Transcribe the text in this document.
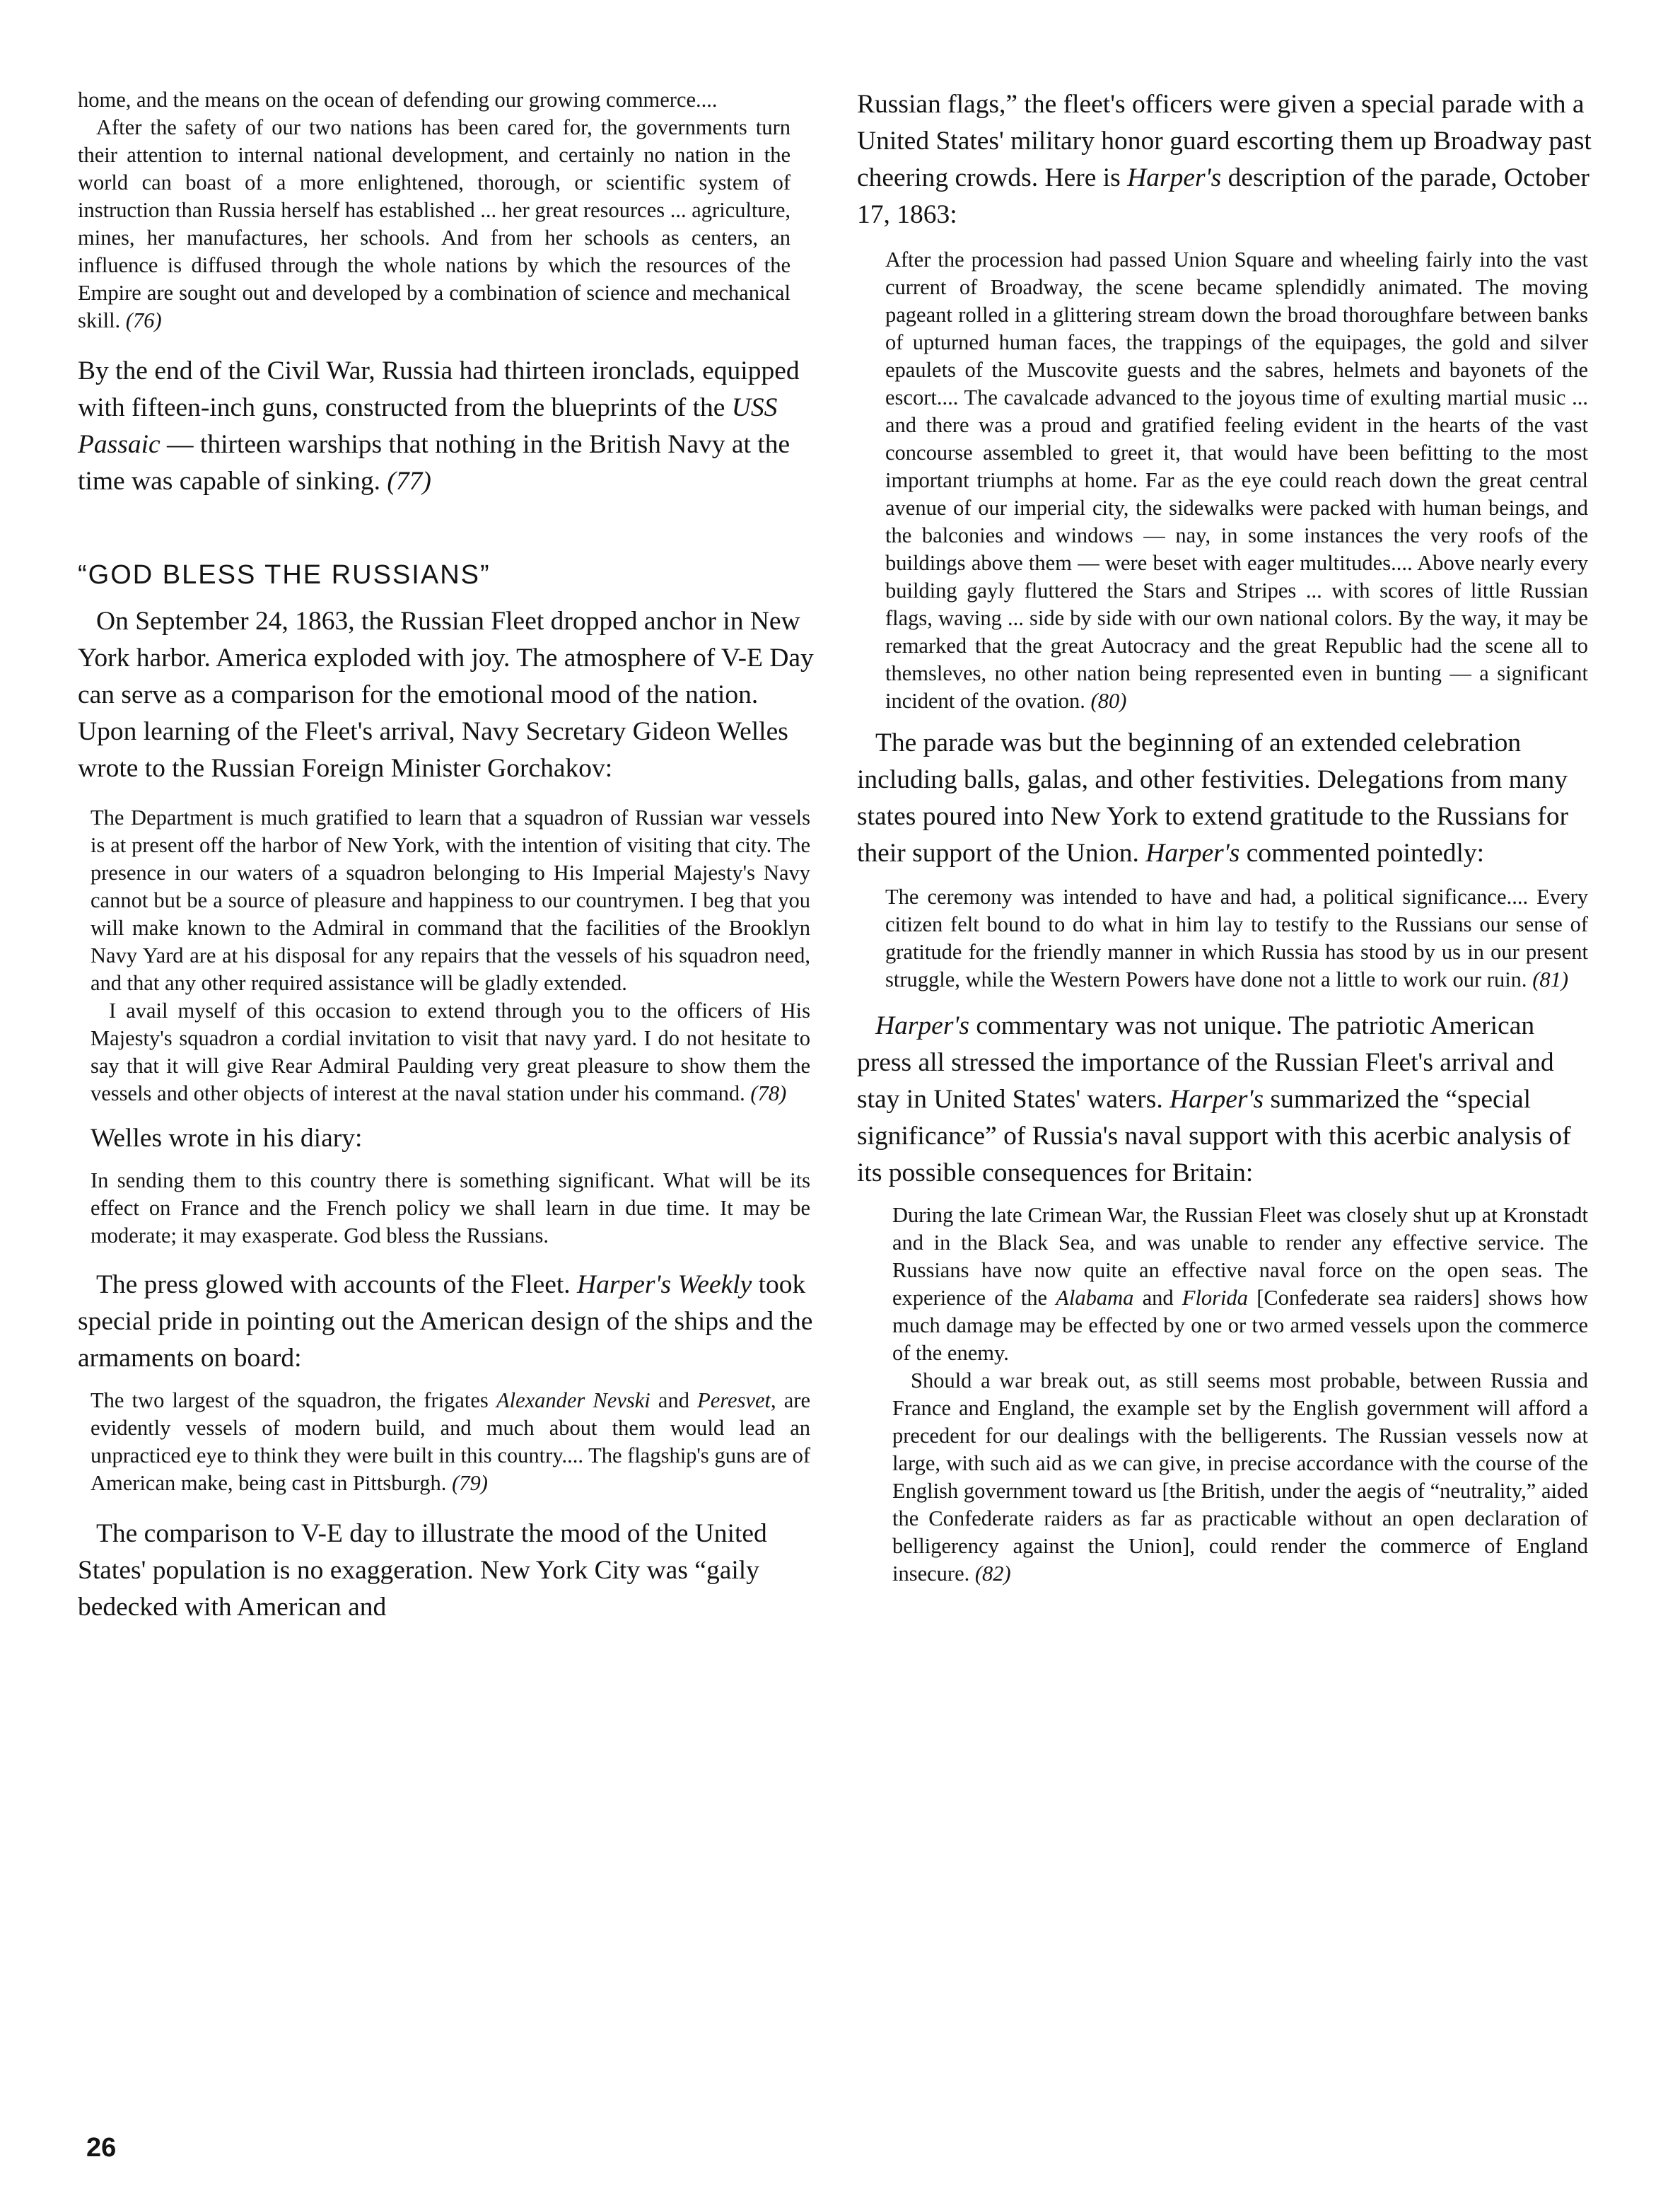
home, and the means on the ocean of defending our growing commerce....

After the safety of our two nations has been cared for, the governments turn their attention to internal national development, and certainly no nation in the world can boast of a more enlightened, thorough, or scientific system of instruction than Russia herself has established ... her great resources ... agriculture, mines, her manufactures, her schools. And from her schools as centers, an influence is diffused through the whole nations by which the resources of the Empire are sought out and developed by a combination of science and mechanical skill. (76)

By the end of the Civil War, Russia had thirteen ironclads, equipped with fifteen-inch guns, constructed from the blueprints of the USS Passaic — thirteen warships that nothing in the British Navy at the time was capable of sinking. (77)

“GOD BLESS THE RUSSIANS”

On September 24, 1863, the Russian Fleet dropped anchor in New York harbor. America exploded with joy. The atmosphere of V-E Day can serve as a comparison for the emotional mood of the nation. Upon learning of the Fleet's arrival, Navy Secretary Gideon Welles wrote to the Russian Foreign Minister Gorchakov:

The Department is much gratified to learn that a squadron of Russian war vessels is at present off the harbor of New York, with the intention of visiting that city. The presence in our waters of a squadron belonging to His Imperial Majesty's Navy cannot but be a source of pleasure and happiness to our countrymen. I beg that you will make known to the Admiral in command that the facilities of the Brooklyn Navy Yard are at his disposal for any repairs that the vessels of his squadron need, and that any other required assistance will be gladly extended.

I avail myself of this occasion to extend through you to the officers of His Majesty's squadron a cordial invitation to visit that navy yard. I do not hesitate to say that it will give Rear Admiral Paulding very great pleasure to show them the vessels and other objects of interest at the naval station under his command. (78)

Welles wrote in his diary:

In sending them to this country there is something significant. What will be its effect on France and the French policy we shall learn in due time. It may be moderate; it may exasperate. God bless the Russians.

The press glowed with accounts of the Fleet. Harper's Weekly took special pride in pointing out the American design of the ships and the armaments on board:

The two largest of the squadron, the frigates Alexander Nevski and Peresvet, are evidently vessels of modern build, and much about them would lead an unpracticed eye to think they were built in this country.... The flagship's guns are of American make, being cast in Pittsburgh. (79)

The comparison to V-E day to illustrate the mood of the United States' population is no exaggeration. New York City was “gaily bedecked with American and

Russian flags,” the fleet's officers were given a special parade with a United States' military honor guard escorting them up Broadway past cheering crowds. Here is Harper's description of the parade, October 17, 1863:

After the procession had passed Union Square and wheeling fairly into the vast current of Broadway, the scene became splendidly animated. The moving pageant rolled in a glittering stream down the broad thoroughfare between banks of upturned human faces, the trappings of the equipages, the gold and silver epaulets of the Muscovite guests and the sabres, helmets and bayonets of the escort.... The cavalcade advanced to the joyous time of exulting martial music ... and there was a proud and gratified feeling evident in the hearts of the vast concourse assembled to greet it, that would have been befitting to the most important triumphs at home. Far as the eye could reach down the great central avenue of our imperial city, the sidewalks were packed with human beings, and the balconies and windows — nay, in some instances the very roofs of the buildings above them — were beset with eager multitudes.... Above nearly every building gayly fluttered the Stars and Stripes ... with scores of little Russian flags, waving ... side by side with our own national colors. By the way, it may be remarked that the great Autocracy and the great Republic had the scene all to themsleves, no other nation being represented even in bunting — a significant incident of the ovation. (80)

The parade was but the beginning of an extended celebration including balls, galas, and other festivities. Delegations from many states poured into New York to extend gratitude to the Russians for their support of the Union. Harper's commented pointedly:

The ceremony was intended to have and had, a political significance.... Every citizen felt bound to do what in him lay to testify to the Russians our sense of gratitude for the friendly manner in which Russia has stood by us in our present struggle, while the Western Powers have done not a little to work our ruin. (81)

Harper's commentary was not unique. The patriotic American press all stressed the importance of the Russian Fleet's arrival and stay in United States' waters. Harper's summarized the “special significance” of Russia's naval support with this acerbic analysis of its possible consequences for Britain:

During the late Crimean War, the Russian Fleet was closely shut up at Kronstadt and in the Black Sea, and was unable to render any effective service. The Russians have now quite an effective naval force on the open seas. The experience of the Alabama and Florida [Confederate sea raiders] shows how much damage may be effected by one or two armed vessels upon the commerce of the enemy.

Should a war break out, as still seems most probable, between Russia and France and England, the example set by the English government will afford a precedent for our dealings with the belligerents. The Russian vessels now at large, with such aid as we can give, in precise accordance with the course of the English government toward us [the British, under the aegis of “neutrality,” aided the Confederate raiders as far as practicable without an open declaration of belligerency against the Union], could render the commerce of England insecure. (82)

26
